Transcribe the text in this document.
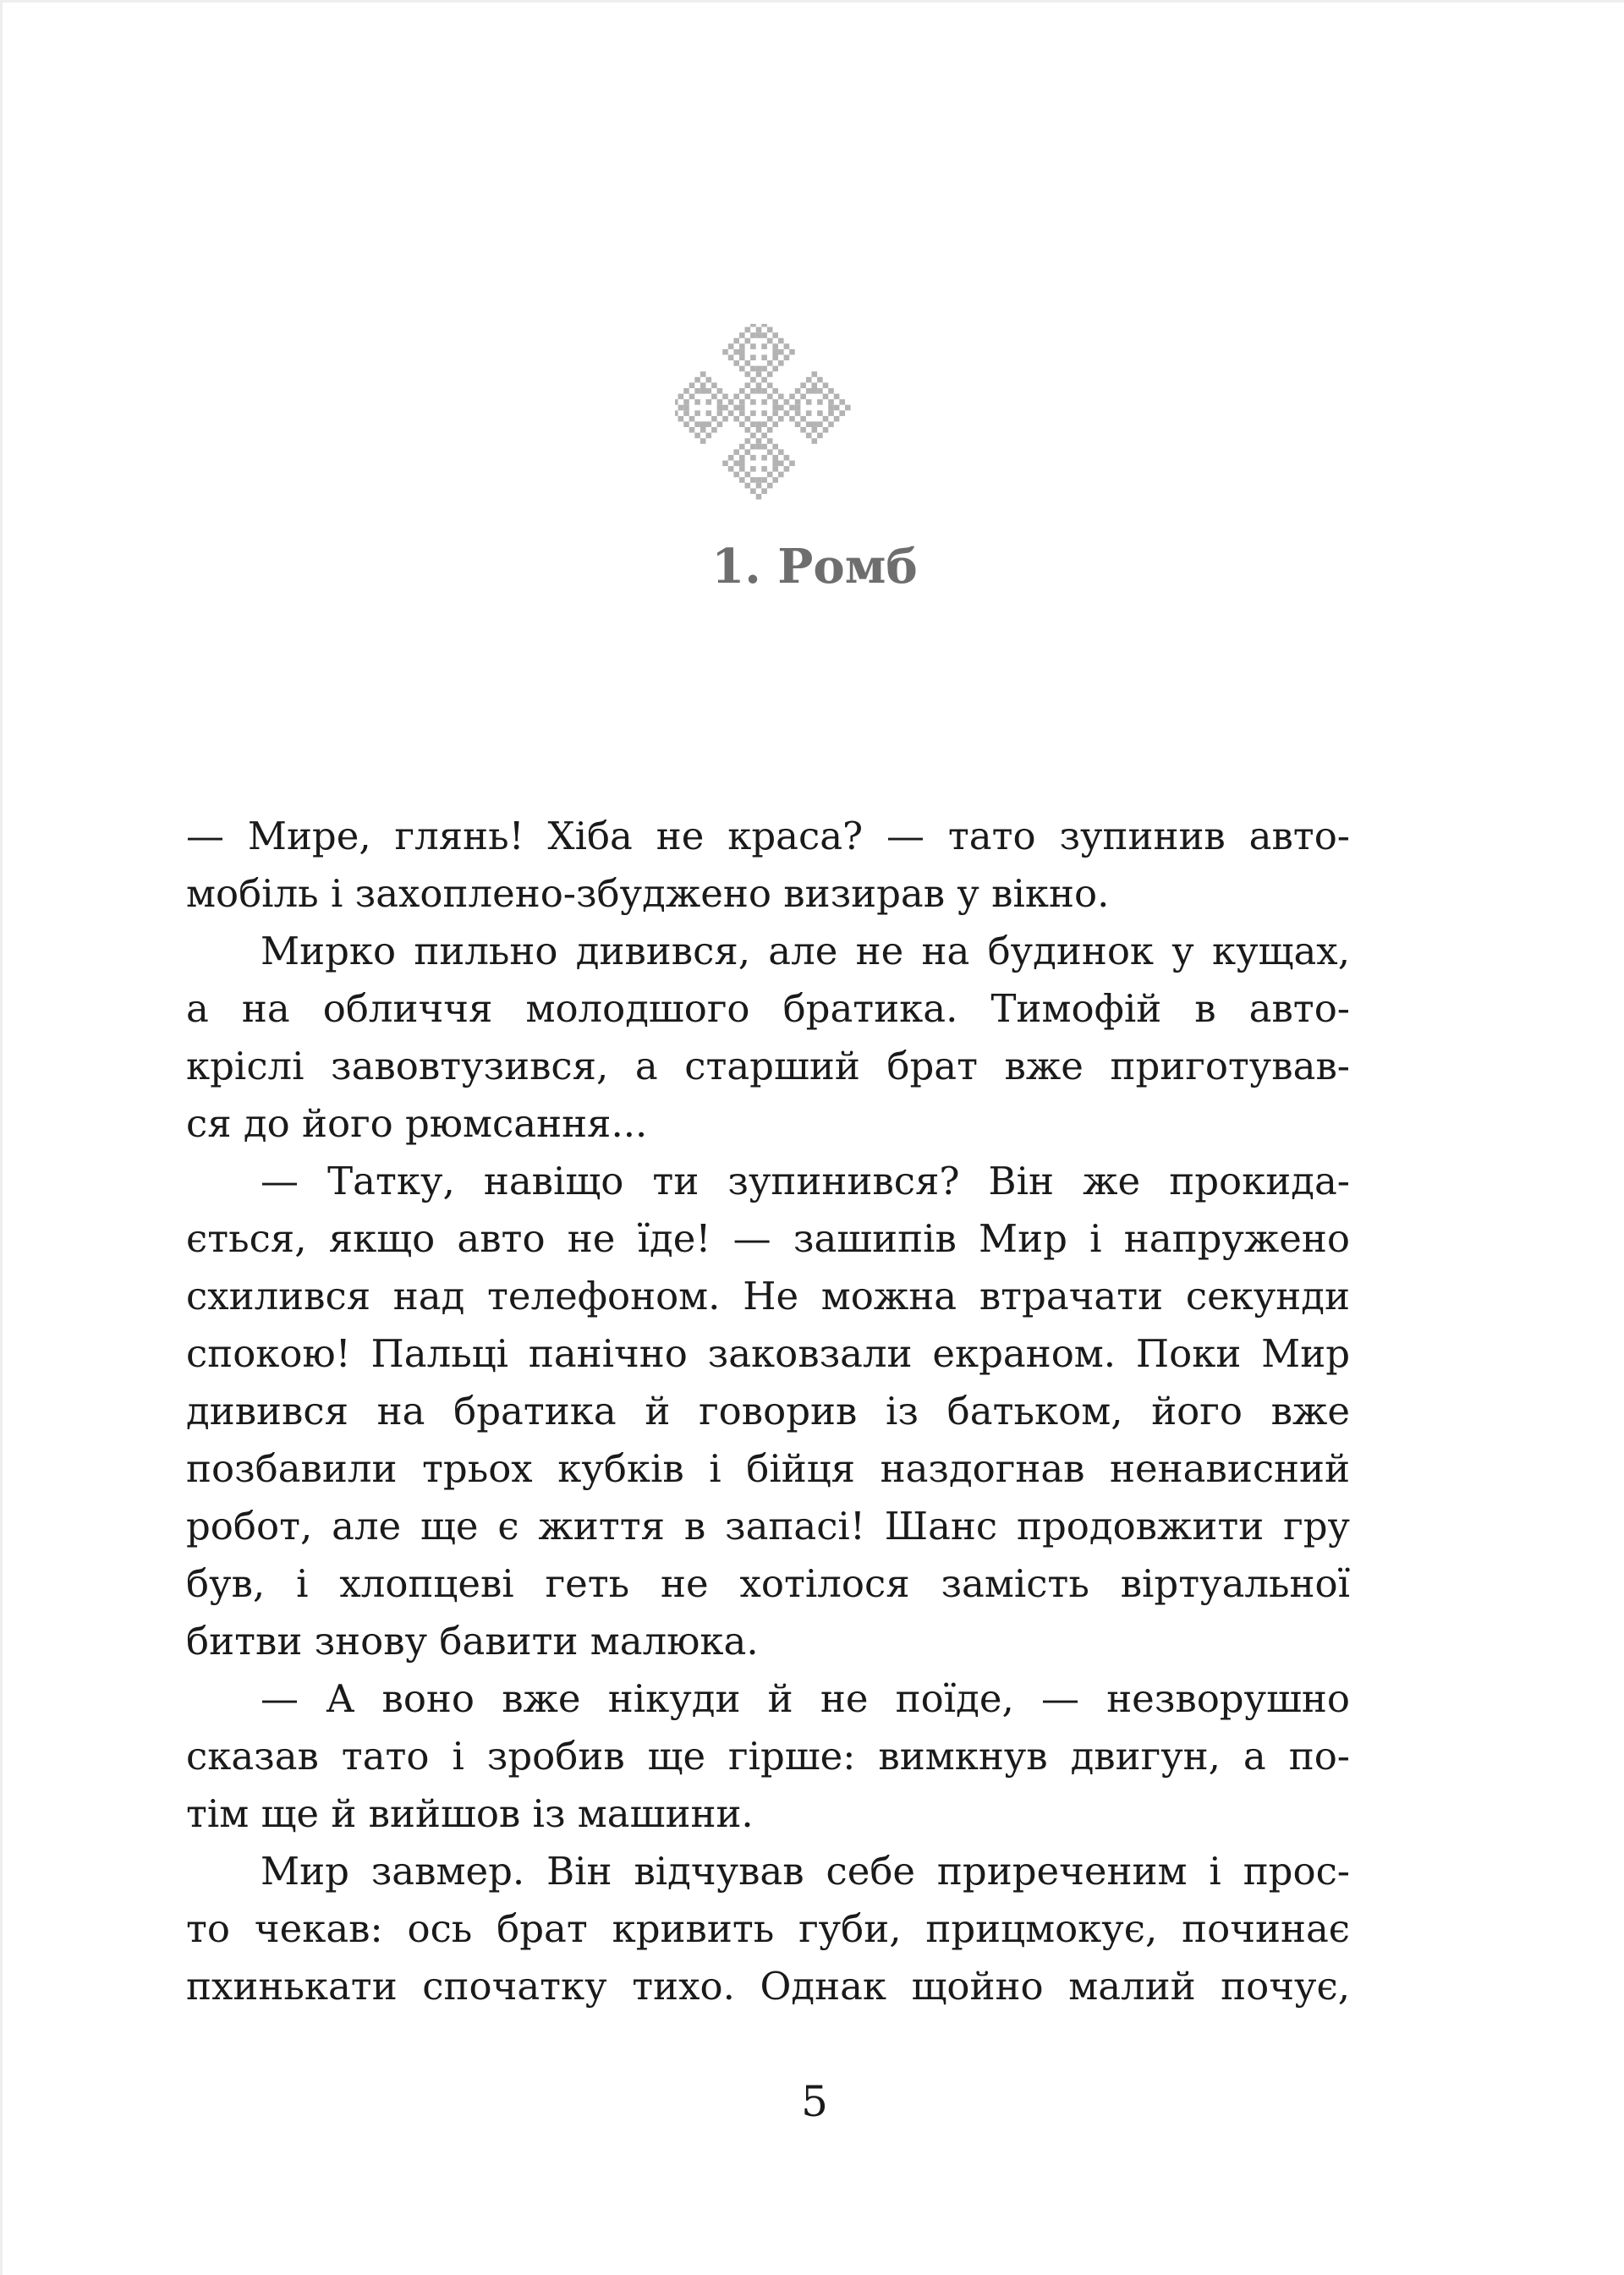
1. Ромб
— Мире, глянь! Хіба не краса? — тато зупинив авто-
мобіль і захоплено-збуджено визирав у вікно.
Мирко пильно дивився, але не на будинок у кущах,
а на обличчя молодшого братика. Тимофій в авто-
кріслі завовтузився, а старший брат вже приготував-
ся до його рюмсання...
— Татку, навіщо ти зупинився? Він же прокида-
ється, якщо авто не їде! — зашипів Мир і напружено
схилився над телефоном. Не можна втрачати секунди
спокою! Пальці панічно заковзали екраном. Поки Мир
дивився на братика й говорив із батьком, його вже
позбавили трьох кубків і бійця наздогнав ненависний
робот, але ще є життя в запасі! Шанс продовжити гру
був, і хлопцеві геть не хотілося замість віртуальної
битви знову бавити малюка.
— А воно вже нікуди й не поїде, — незворушно
сказав тато і зробив ще гірше: вимкнув двигун, а по-
тім ще й вийшов із машини.
Мир завмер. Він відчував себе приреченим і прос-
то чекав: ось брат кривить губи, прицмокує, починає
пхинькати спочатку тихо. Однак щойно малий почує,
5
